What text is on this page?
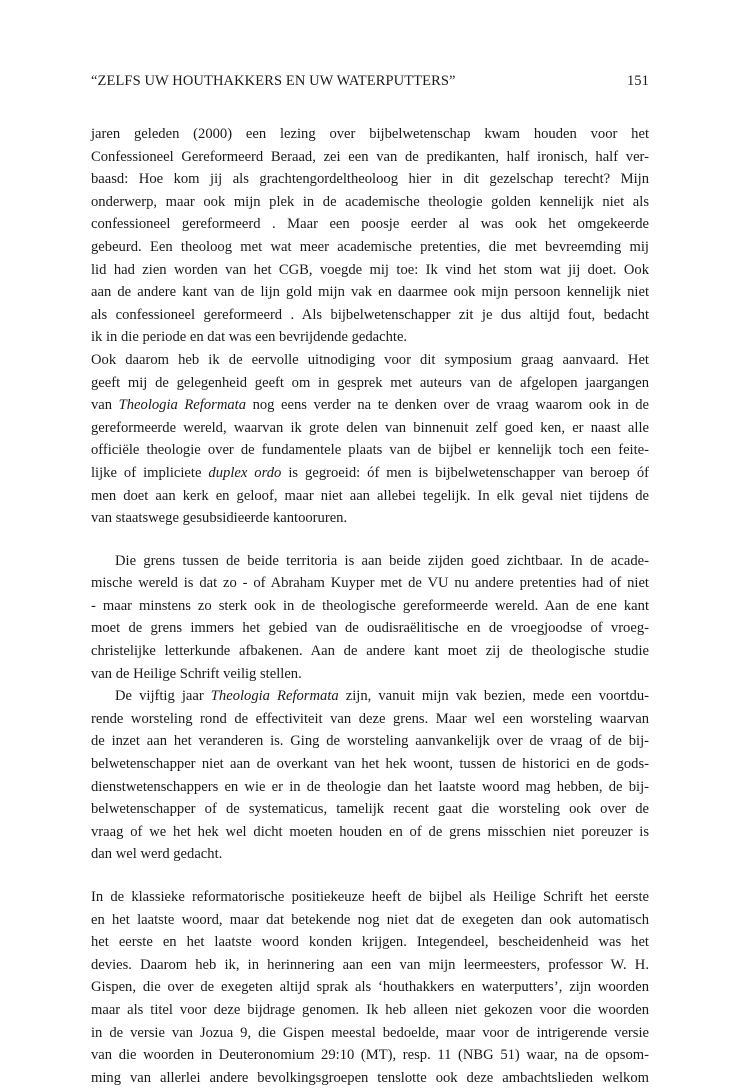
“ZELFS UW HOUTHAKKERS EN UW WATERPUTTERS”	151
jaren geleden (2000) een lezing over bijbelwetenschap kwam houden voor het
Confessioneel Gereformeerd Beraad, zei een van de predikanten, half ironisch, half ver-
baasd: Hoe kom jij als grachtengordeltheoloog hier in dit gezelschap terecht? Mijn
onderwerp, maar ook mijn plek in de academische theologie golden kennelijk niet als
confessioneel gereformeerd . Maar een poosje eerder al was ook het omgekeerde
gebeurd. Een theoloog met wat meer academische pretenties, die met bevreemding mij
lid had zien worden van het CGB, voegde mij toe: Ik vind het stom wat jij doet. Ook
aan de andere kant van de lijn gold mijn vak en daarmee ook mijn persoon kennelijk niet
als confessioneel gereformeerd . Als bijbelwetenschapper zit je dus altijd fout, bedacht
ik in die periode en dat was een bevrijdende gedachte.
Ook daarom heb ik de eervolle uitnodiging voor dit symposium graag aanvaard. Het
geeft mij de gelegenheid geeft om in gesprek met auteurs van de afgelopen jaargangen
van Theologia Reformata nog eens verder na te denken over de vraag waarom ook in de
gereformeerde wereld, waarvan ik grote delen van binnenuit zelf goed ken, er naast alle
officiële theologie over de fundamentele plaats van de bijbel er kennelijk toch een feite-
lijke of impliciete duplex ordo is gegroeid: óf men is bijbelwetenschapper van beroep óf
men doet aan kerk en geloof, maar niet aan allebei tegelijk. In elk geval niet tijdens de
van staatswege gesubsidieerde kantooruren.
Die grens tussen de beide territoria is aan beide zijden goed zichtbaar. In de acade-
mische wereld is dat zo - of Abraham Kuyper met de VU nu andere pretenties had of niet
- maar minstens zo sterk ook in de theologische gereformeerde wereld. Aan de ene kant
moet de grens immers het gebied van de oudisraëlitische en de vroegjoodse of vroeg-
christelijke letterkunde afbakenen. Aan de andere kant moet zij de theologische studie
van de Heilige Schrift veilig stellen.
De vijftig jaar Theologia Reformata zijn, vanuit mijn vak bezien, mede een voortdu-
rende worsteling rond de effectiviteit van deze grens. Maar wel een worsteling waarvan
de inzet aan het veranderen is. Ging de worsteling aanvankelijk over de vraag of de bij-
belwetenschapper niet aan de overkant van het hek woont, tussen de historici en de gods-
dienstwetenschappers en wie er in de theologie dan het laatste woord mag hebben, de bij-
belwetenschapper of de systematicus, tamelijk recent gaat die worsteling ook over de
vraag of we het hek wel dicht moeten houden en of de grens misschien niet poreuzer is
dan wel werd gedacht.
In de klassieke reformatorische positiekeuze heeft de bijbel als Heilige Schrift het eerste
en het laatste woord, maar dat betekende nog niet dat de exegeten dan ook automatisch
het eerste en het laatste woord konden krijgen. Integendeel, bescheidenheid was het
devies. Daarom heb ik, in herinnering aan een van mijn leermeesters, professor W. H.
Gispen, die over de exegeten altijd sprak als ‘houthakkers en waterputters’, zijn woorden
maar als titel voor deze bijdrage genomen. Ik heb alleen niet gekozen voor die woorden
in de versie van Jozua 9, die Gispen meestal bedoelde, maar voor de intrigerende versie
van die woorden in Deuteronomium 29:10 (MT), resp. 11 (NBG 51) waar, na de opsom-
ming van allerlei andere bevolkingsgroepen tenslotte ook deze ambachtslieden welkom
